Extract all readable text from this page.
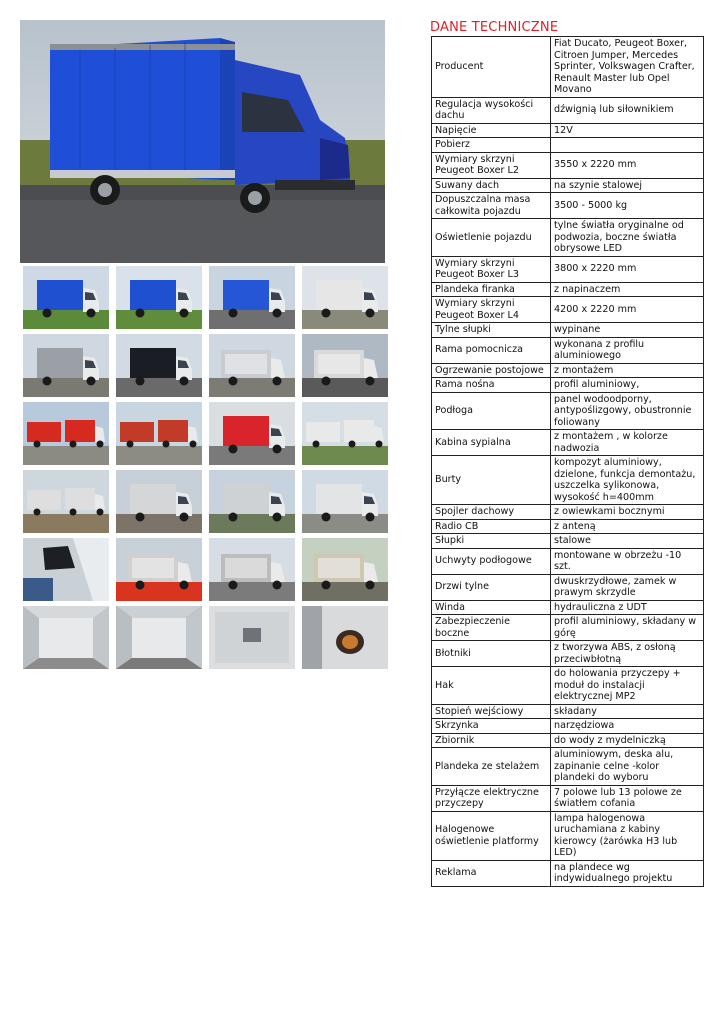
DANE TECHNICZNE
Producent	Fiat Ducato, Peugeot Boxer, Citroen Jumper, Mercedes Sprinter, Volkswagen Crafter, Renault Master lub Opel Movano
Regulacja wysokości dachu	dźwignią lub siłownikiem
Napięcie	12V
Pobierz	
Wymiary skrzyni Peugeot Boxer L2	3550 x 2220 mm
Suwany dach	na szynie stalowej
Dopuszczalna masa całkowita pojazdu	3500 - 5000 kg
Oświetlenie pojazdu	tylne światła oryginalne od podwozia, boczne światła obrysowe LED
Wymiary skrzyni Peugeot Boxer L3	3800 x 2220 mm
Plandeka firanka	z napinaczem
Wymiary skrzyni Peugeot Boxer L4	4200 x 2220 mm
Tylne słupki	wypinane
Rama pomocnicza	wykonana z profilu aluminiowego
Ogrzewanie postojowe	z montażem
Rama nośna	profil aluminiowy,
Podłoga	panel wodoodporny, antypoślizgowy, obustronnie foliowany
Kabina sypialna	z montażem , w kolorze nadwozia
Burty	kompozyt aluminiowy, dzielone, funkcja demontażu, uszczelka sylikonowa, wysokość h=400mm
Spojler dachowy	z owiewkami bocznymi
Radio CB	z anteną
Słupki	stalowe
Uchwyty podłogowe	montowane w obrzeżu -10 szt.
Drzwi tylne	dwuskrzydłowe, zamek w prawym skrzydle
Winda	hydrauliczna z UDT
Zabezpieczenie boczne	profil aluminiowy, składany w górę
Błotniki	z tworzywa ABS, z osłoną przeciwbłotną
Hak	do holowania przyczepy + moduł do instalacji elektrycznej MP2
Stopień wejściowy	składany
Skrzynka	narzędziowa
Zbiornik	do wody z mydelniczką
Plandeka ze stelażem	aluminiowym, deska alu, zapinanie celne -kolor plandeki do wyboru
Przyłącze elektryczne przyczepy	7 polowe lub 13 polowe ze światłem cofania
Halogenowe oświetlenie platformy	lampa halogenowa uruchamiana z kabiny kierowcy (żarówka H3 lub LED)
Reklama	na plandece wg indywidualnego projektu
